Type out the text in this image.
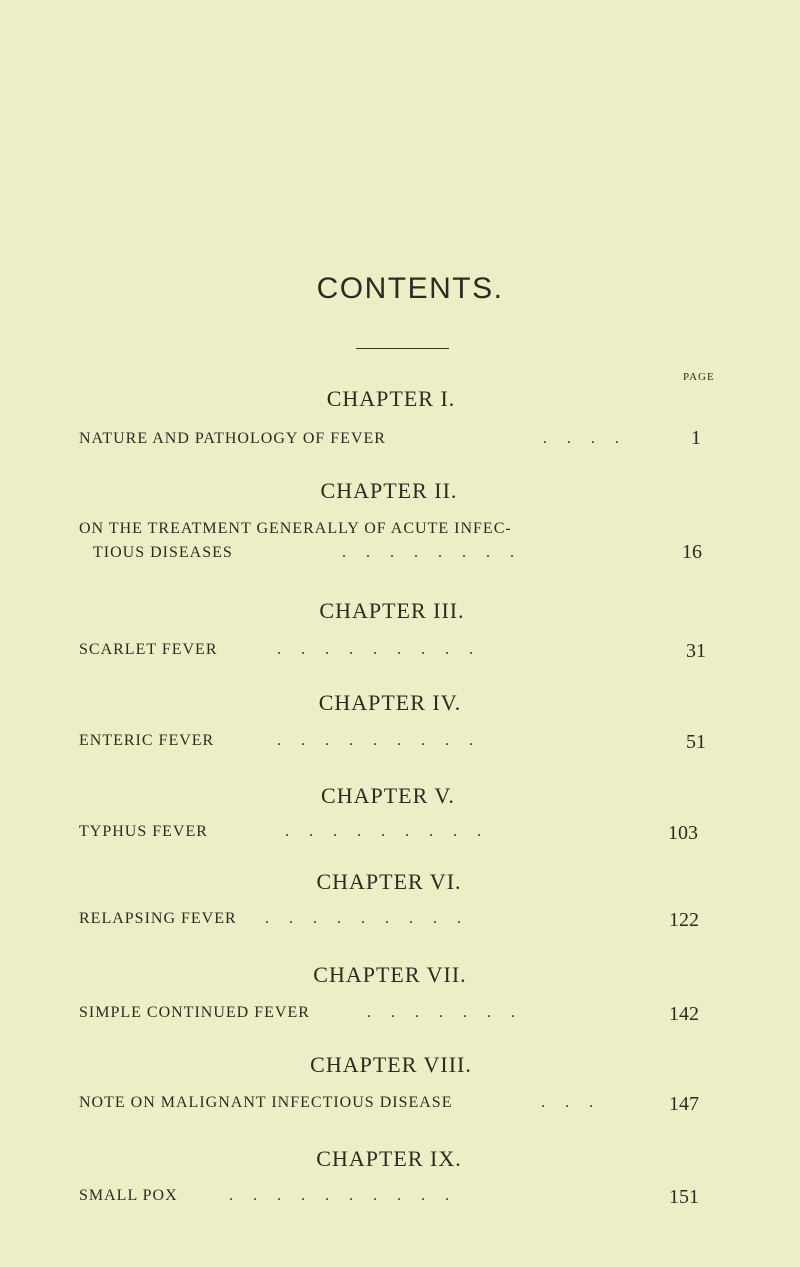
CONTENTS.
PAGE
CHAPTER I.
NATURE AND PATHOLOGY OF FEVER	.     .     .     .	1
CHAPTER II.
ON THE TREATMENT GENERALLY OF ACUTE INFEC-
TIOUS DISEASES	.     .     .     .     .     .     .     .	16
CHAPTER III.
SCARLET FEVER	.     .     .     .     .     .     .     .     .	31
CHAPTER IV.
ENTERIC FEVER	.     .     .     .     .     .     .     .     .	51
CHAPTER V.
TYPHUS FEVER	.     .     .     .     .     .     .     .     .	103
CHAPTER VI.
RELAPSING FEVER .     .     .     .     .     .     .     .     .	122
CHAPTER VII.
SIMPLE CONTINUED FEVER	.     .     .     .     .     .     .	142
CHAPTER VIII.
NOTE ON MALIGNANT INFECTIOUS DISEASE	.     .     .	147
CHAPTER IX.
SMALL POX	.     .     .     .     .     .     .     .     .     .	151
